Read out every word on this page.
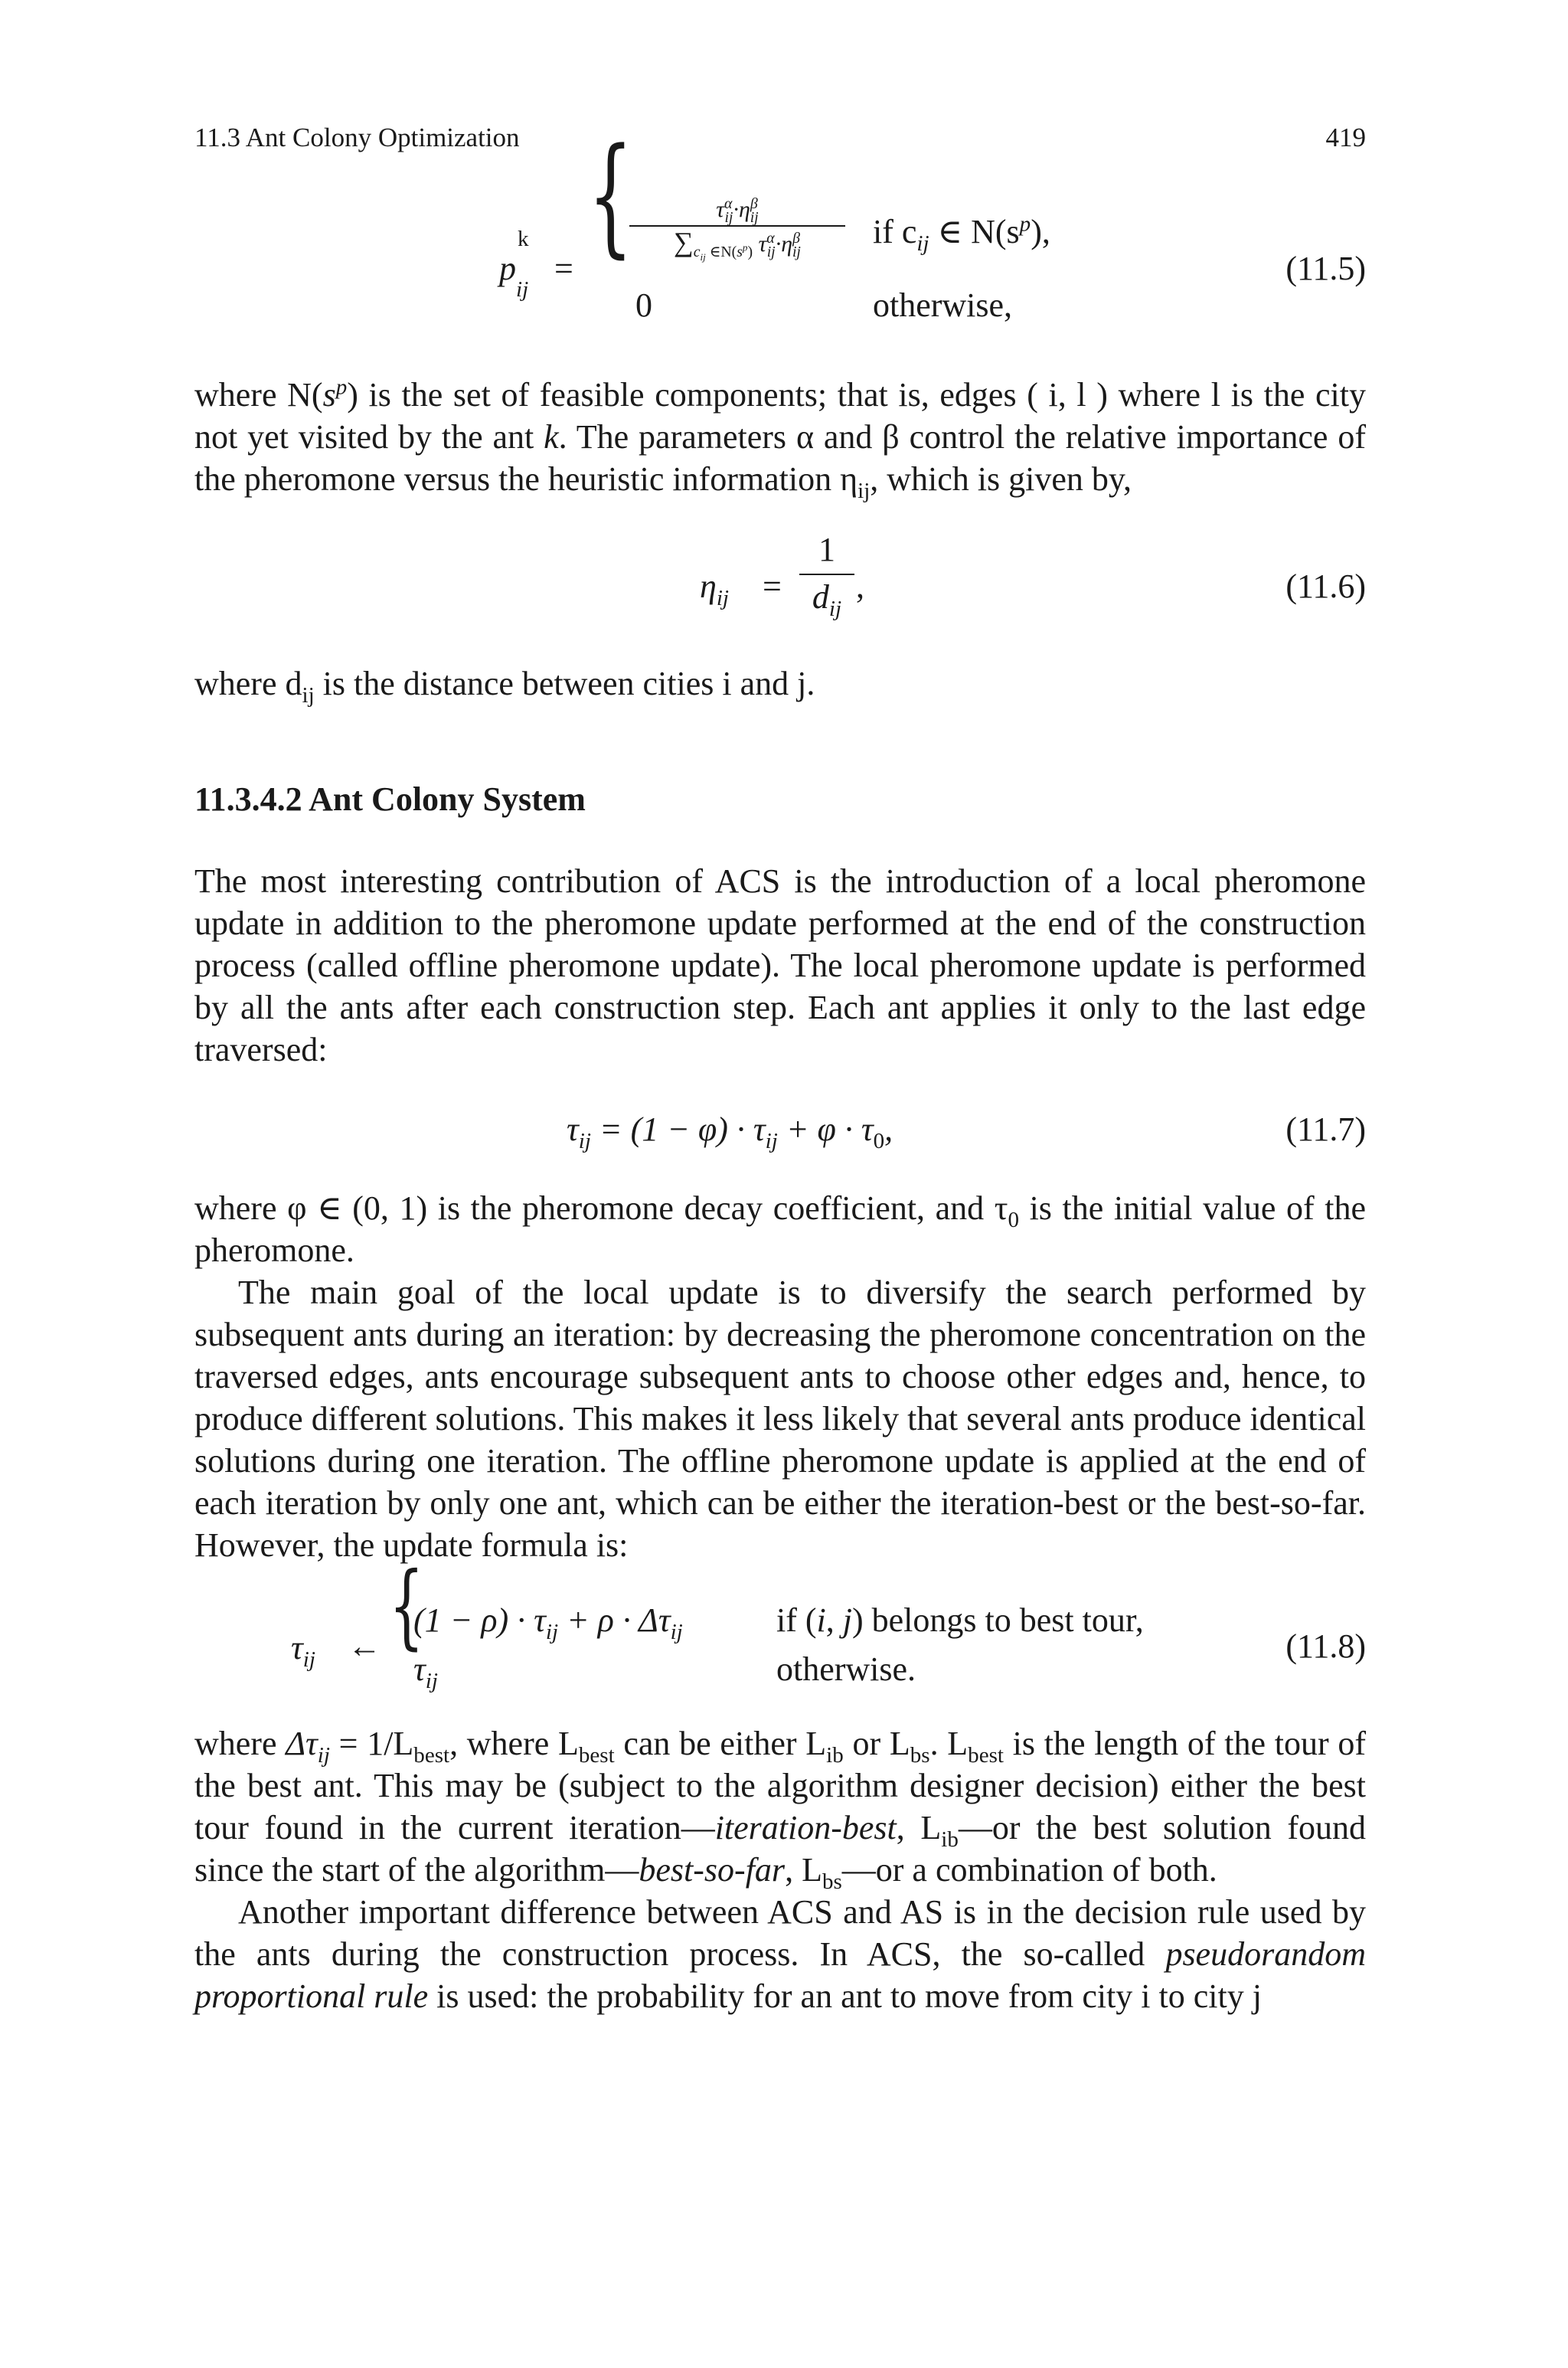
11.3 Ant Colony Optimization	419
p
k
$_{ij}$
= {	$\tau^\alpha_{ij}\cdot\eta^\beta_{ij}$
$\sum_{c_{ij}}$ $_{\in N(s^p)}$ $\tau^\alpha_{ij}\cdot\eta^\beta_{ij}$
if $c_{ij}$ ∈ $N(s^p)$,
0	otherwise,
(11.5)

where $N(s^p)$ is the set of feasible components; that is, edges ( i, l ) where l is the city not yet visited by the ant k. The parameters α and β control the relative importance of the pheromone versus the heuristic information $\eta_{ij}$, which is given by,

$\eta_{ij}$ =
1
$d_{ij}$
,	(11.6)

where $d_{ij}$ is the distance between cities i and j.

11.3.4.2 Ant Colony System

The most interesting contribution of ACS is the introduction of a local pheromone update in addition to the pheromone update performed at the end of the construction process (called offline pheromone update). The local pheromone update is performed by all the ants after each construction step. Each ant applies it only to the last edge traversed:

$\tau_{ij} = (1 - \varphi) \cdot \tau_{ij} + \varphi \cdot \tau_0$,	(11.7)

where φ ∈ (0, 1) is the pheromone decay coefficient, and $\tau_0$ is the initial value of the pheromone.

The main goal of the local update is to diversify the search performed by subsequent ants during an iteration: by decreasing the pheromone concentration on the traversed edges, ants encourage subsequent ants to choose other edges and, hence, to produce different solutions. This makes it less likely that several ants produce identical solutions during one iteration. The offline pheromone update is applied at the end of each iteration by only one ant, which can be either the iteration-best or the best-so-far. However, the update formula is:

$\tau_{ij}$ ← {
$(1 - \rho) \cdot \tau_{ij} + \rho \cdot \Delta\tau_{ij}$	if (i, j) belongs to best tour,
$\tau_{ij}$	otherwise.
(11.8)

where $\Delta\tau_{ij} = 1/L_{best}$, where $L_{best}$ can be either $L_{ib}$ or $L_{bs}$. $L_{best}$ is the length of the tour of the best ant. This may be (subject to the algorithm designer decision) either the best tour found in the current iteration—iteration-best, $L_{ib}—or$ the best solution found since the start of the algorithm—best-so-far, $L_{bs}—or$ a combination of both.

Another important difference between ACS and AS is in the decision rule used by the ants during the construction process. In ACS, the so-called pseudorandom proportional rule is used: the probability for an ant to move from city i to city j
